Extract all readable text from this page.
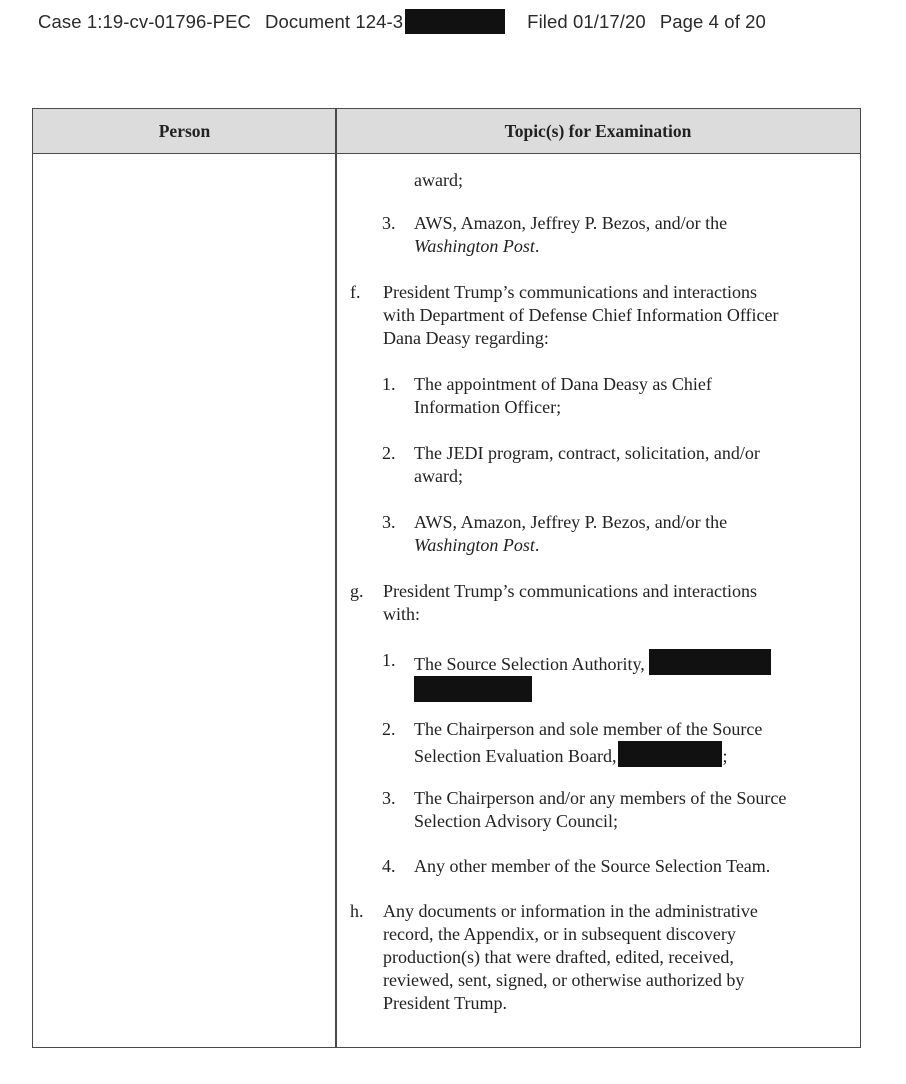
Case 1:19-cv-01796-PEC Document 124-3	Filed 01/17/20 Page 4 of 20
Person	Topic(s) for Examination
award;
3. AWS, Amazon, Jeffrey P. Bezos, and/or the
Washington Post.
f. President Trump’s communications and interactions
with Department of Defense Chief Information Officer
Dana Deasy regarding:
1. The appointment of Dana Deasy as Chief
Information Officer;
2. The JEDI program, contract, solicitation, and/or
award;
3. AWS, Amazon, Jeffrey P. Bezos, and/or the
Washington Post.
g. President Trump’s communications and interactions
with:
1. The Source Selection Authority,
2. The Chairperson and sole member of the Source
Selection Evaluation Board,	;
3. The Chairperson and/or any members of the Source
Selection Advisory Council;
4. Any other member of the Source Selection Team.
h. Any documents or information in the administrative
record, the Appendix, or in subsequent discovery
production(s) that were drafted, edited, received,
reviewed, sent, signed, or otherwise authorized by
President Trump.
